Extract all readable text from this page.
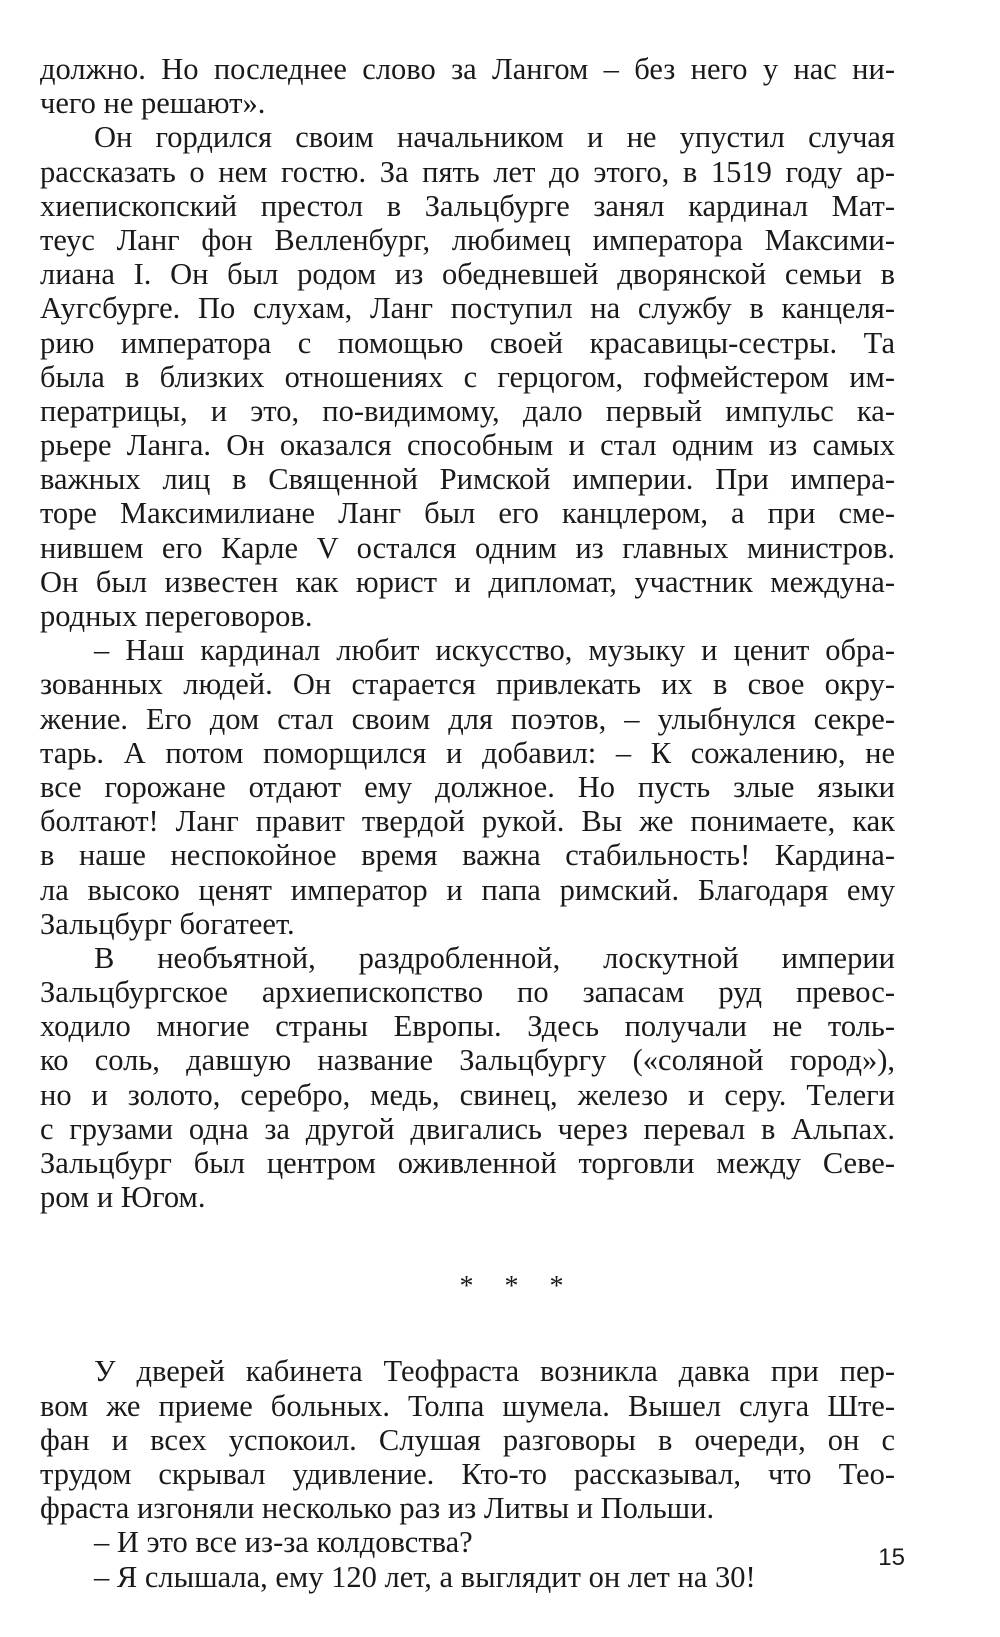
должно. Но последнее слово за Лангом – без него у нас ни-
чего не решают».
Он гордился своим начальником и не упустил случая
рассказать о нем гостю. За пять лет до этого, в 1519 году ар-
хиепископский престол в Зальцбурге занял кардинал Мат-
теус Ланг фон Велленбург, любимец императора Максими-
лиана I. Он был родом из обедневшей дворянской семьи в
Аугсбурге. По слухам, Ланг поступил на службу в канцеля-
рию императора с помощью своей красавицы-сестры. Та
была в близких отношениях с герцогом, гофмейстером им-
ператрицы, и это, по-видимому, дало первый импульс ка-
рьере Ланга. Он оказался способным и стал одним из самых
важных лиц в Священной Римской империи. При импера-
торе Максимилиане Ланг был его канцлером, а при сме-
нившем его Карле V остался одним из главных министров.
Он был известен как юрист и дипломат, участник междуна-
родных переговоров.
– Наш кардинал любит искусство, музыку и ценит обра-
зованных людей. Он старается привлекать их в свое окру-
жение. Его дом стал своим для поэтов, – улыбнулся секре-
тарь. А потом поморщился и добавил: – К сожалению, не
все горожане отдают ему должное. Но пусть злые языки
болтают! Ланг правит твердой рукой. Вы же понимаете, как
в наше неспокойное время важна стабильность! Кардина-
ла высоко ценят император и папа римский. Благодаря ему
Зальцбург богатеет.
В необъятной, раздробленной, лоскутной империи
Зальцбургское архиепископство по запасам руд превос-
ходило многие страны Европы. Здесь получали не толь-
ко соль, давшую название Зальцбургу («соляной город»),
но и золото, серебро, медь, свинец, железо и серу. Телеги
с грузами одна за другой двигались через перевал в Альпах.
Зальцбург был центром оживленной торговли между Севе-
ром и Югом.
* * *
У дверей кабинета Теофраста возникла давка при пер-
вом же приеме больных. Толпа шумела. Вышел слуга Ште-
фан и всех успокоил. Слушая разговоры в очереди, он с
трудом скрывал удивление. Кто-то рассказывал, что Тео-
фраста изгоняли несколько раз из Литвы и Польши.
– И это все из-за колдовства?
– Я слышала, ему 120 лет, а выглядит он лет на 30!
15
